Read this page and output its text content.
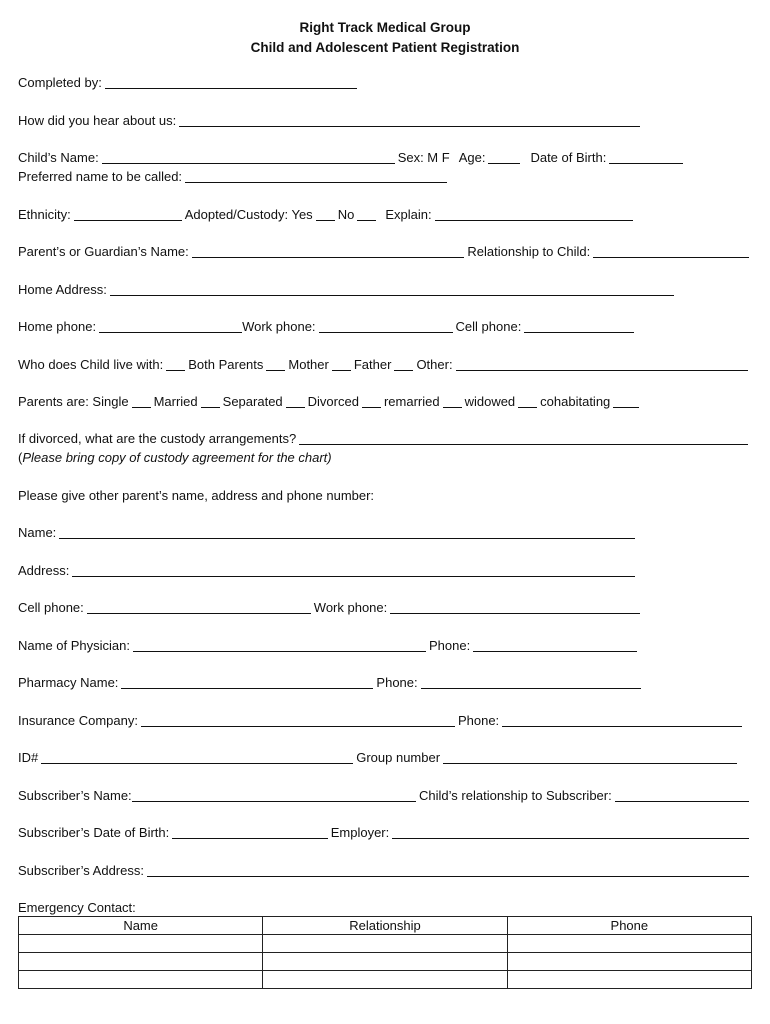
Right Track Medical Group
Child and Adolescent Patient Registration
Completed by:
How did you hear about us:
Child’s Name:	Sex: M F Age:	Date of Birth:
Preferred name to be called:
Ethnicity:	Adopted/Custody: Yes No Explain:
Parent’s or Guardian’s Name:	Relationship to Child:
Home Address:
Home phone:	Work phone:	Cell phone:
Who does Child live with: Both Parents Mother Father Other:
Parents are: Single Married Separated Divorced remarried widowed cohabitating
If divorced, what are the custody arrangements?
( Please bring copy of custody agreement for the chart)
Please give other parent’s name, address and phone number:
Name:
Address:
Cell phone:	Work phone:
Name of Physician:	Phone:
Pharmacy Name:	Phone:
Insurance Company:	Phone:
ID#	Group number
Subscriber’s Name:	Child’s relationship to Subscriber:
Subscriber’s Date of Birth:	Employer:
Subscriber’s Address:
Emergency Contact:
Name	Relationship	Phone
